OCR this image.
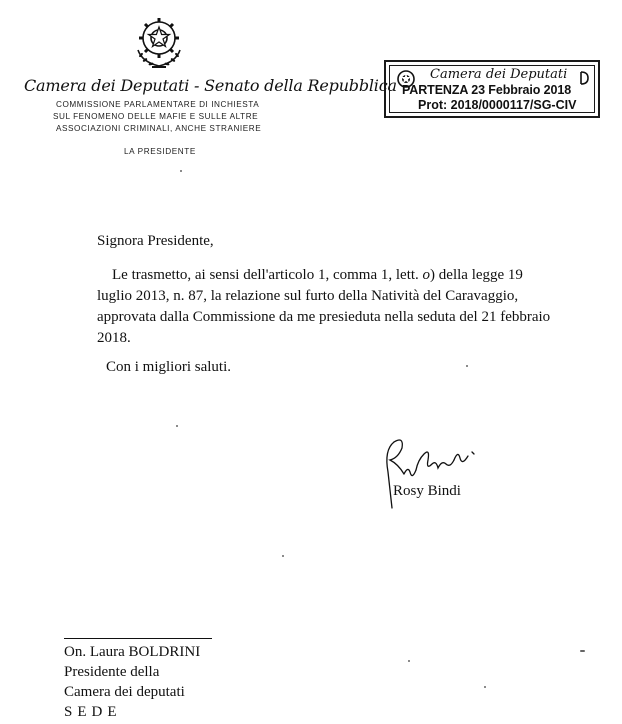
Camera dei Deputati - Senato della Repubblica
COMMISSIONE PARLAMENTARE DI INCHIESTA
SUL FENOMENO DELLE MAFIE E SULLE ALTRE
ASSOCIAZIONI CRIMINALI, ANCHE STRANIERE
LA PRESIDENTE
Camera dei Deputati
PARTENZA 23 Febbraio 2018
Prot: 2018/0000117/SG-CIV
Signora Presidente,
Le trasmetto, ai sensi dell'articolo 1, comma 1, lett. o) della legge 19
luglio 2013, n. 87, la relazione sul furto della Natività del Caravaggio,
approvata dalla Commissione da me presieduta nella seduta del 21 febbraio
2018.
Con i migliori saluti.
Rosy Bindi
On. Laura BOLDRINI
Presidente della
Camera dei deputati
SEDE
